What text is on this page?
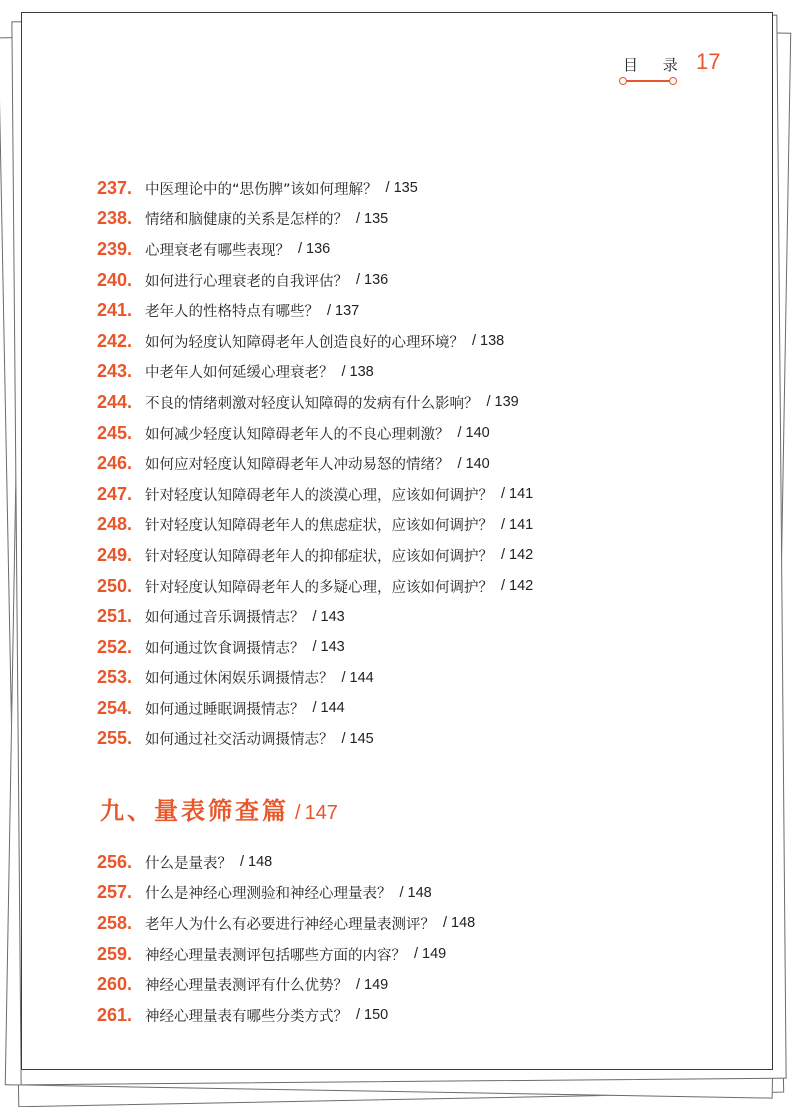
目 录 17
237. 中医理论中的“思伤脾”该如何理解？ / 135
238. 情绪和脑健康的关系是怎样的？ / 135
239. 心理衰老有哪些表现？ / 136
240. 如何进行心理衰老的自我评估？ / 136
241. 老年人的性格特点有哪些？ / 137
242. 如何为轻度认知障碍老年人创造良好的心理环境？ / 138
243. 中老年人如何延缓心理衰老？ / 138
244. 不良的情绪刺激对轻度认知障碍的发病有什么影响？ / 139
245. 如何减少轻度认知障碍老年人的不良心理刺激？ / 140
246. 如何应对轻度认知障碍老年人冲动易怒的情绪？ / 140
247. 针对轻度认知障碍老年人的淡漠心理，应该如何调护？ / 141
248. 针对轻度认知障碍老年人的焦虑症状，应该如何调护？ / 141
249. 针对轻度认知障碍老年人的抑郁症状，应该如何调护？ / 142
250. 针对轻度认知障碍老年人的多疑心理，应该如何调护？ / 142
251. 如何通过音乐调摄情志？ / 143
252. 如何通过饮食调摄情志？ / 143
253. 如何通过休闲娱乐调摄情志？ / 144
254. 如何通过睡眠调摄情志？ / 144
255. 如何通过社交活动调摄情志？ / 145
九、量表筛查篇 / 147
256. 什么是量表？ / 148
257. 什么是神经心理测验和神经心理量表？ / 148
258. 老年人为什么有必要进行神经心理量表测评？ / 148
259. 神经心理量表测评包括哪些方面的内容？ / 149
260. 神经心理量表测评有什么优势？ / 149
261. 神经心理量表有哪些分类方式？ / 150
